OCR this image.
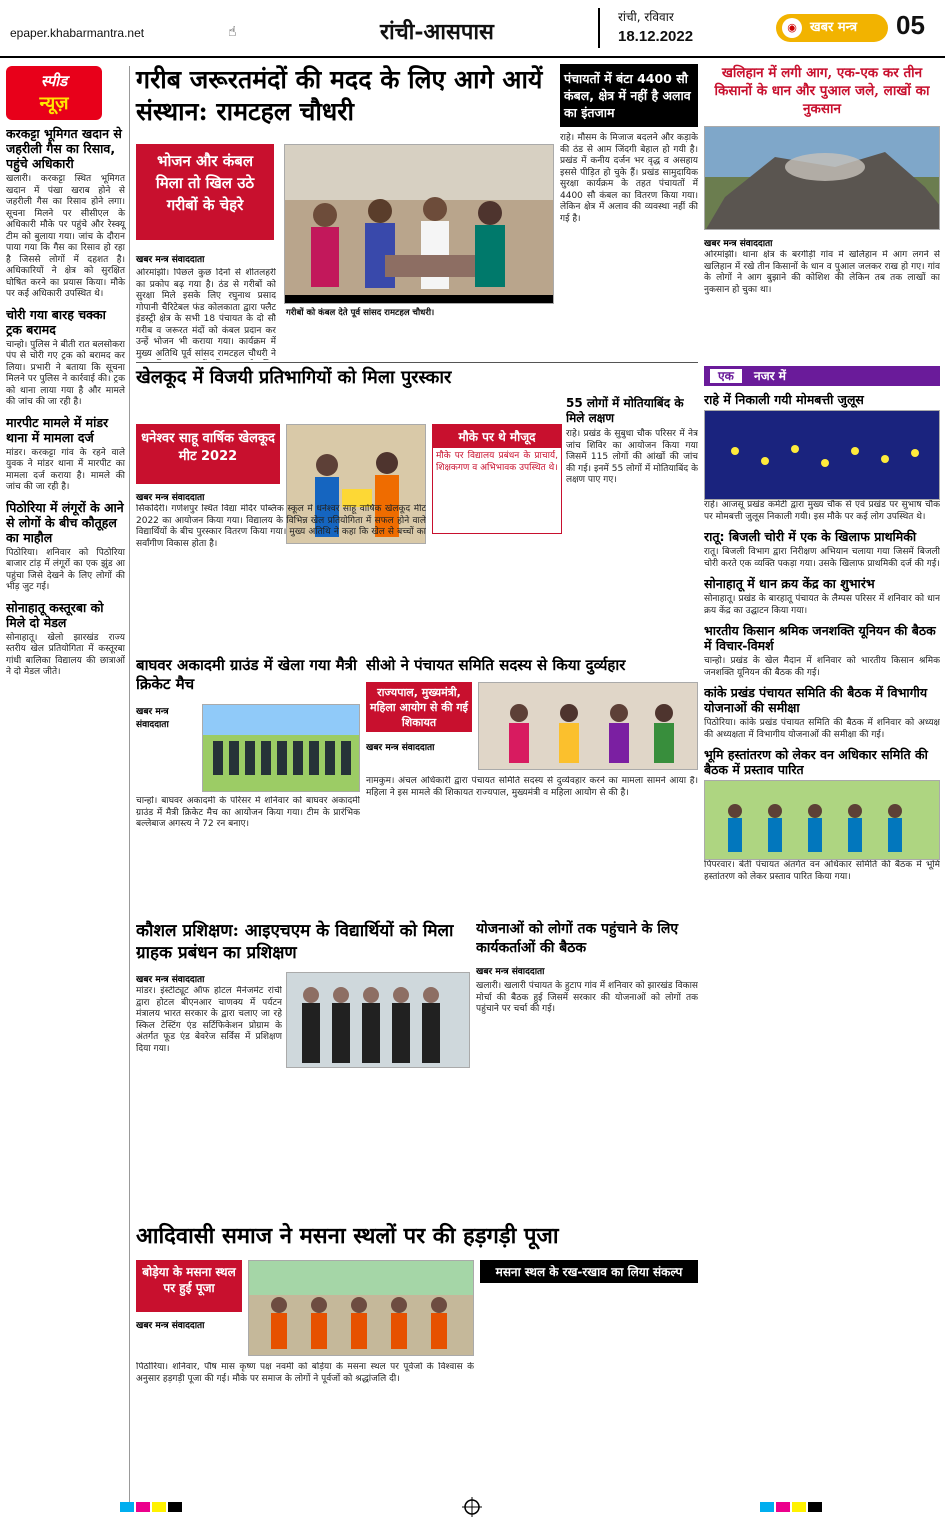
epaper.khabarmantra.net	☝	रांची-आसपास
रांची, रविवार
18.12.2022
◉	खबर मन्त्र	05
स्पीड
न्यूज़
करकट्टा भूमिगत खदान से जहरीली गैस का रिसाव, पहुंचे अधिकारी
खलारी। करकट्टा स्थित भूमिगत खदान में पंखा खराब होने से जहरीली गैस का रिसाव होने लगा। सूचना मिलने पर सीसीएल के अधिकारी मौके पर पहुंचे और रेस्क्यू टीम को बुलाया गया। जांच के दौरान पाया गया कि गैस का रिसाव हो रहा है जिससे लोगों में दहशत है। अधिकारियों ने क्षेत्र को सुरक्षित घोषित करने का प्रयास किया। मौके पर कई अधिकारी उपस्थित थे।
चोरी गया बारह चक्का ट्रक बरामद
चान्हो। पुलिस ने बीती रात बलसोकरा पंप से चोरी गए ट्रक को बरामद कर लिया। प्रभारी ने बताया कि सूचना मिलने पर पुलिस ने कार्रवाई की। ट्रक को थाना लाया गया है और मामले की जांच की जा रही है।
मारपीट मामले में मांडर थाना में मामला दर्ज
मांडर। करकट्टा गांव के रहने वाले युवक ने मांडर थाना में मारपीट का मामला दर्ज कराया है। मामले की जांच की जा रही है।
पिठोरिया में लंगूरों के आने से लोगों के बीच कौतूहल का माहौल
पिठोरिया। शनिवार को पिठोरिया बाजार टांड़ में लंगूरों का एक झुंड आ पहुंचा जिसे देखने के लिए लोगों की भीड़ जुट गई।
सोनाहातू कस्तूरबा को मिले दो मेडल
सोनाहातू। खेलो झारखंड राज्य स्तरीय खेल प्रतियोगिता में कस्तूरबा गांधी बालिका विद्यालय की छात्राओं ने दो मेडल जीते।
गरीब जरूरतमंदों की मदद के लिए आगे आयें संस्थान: रामटहल चौधरी
भोजन और कंबल मिला तो खिल उठे गरीबों के चेहरे
गरीबों को कंबल देते पूर्व सांसद रामटहल चौधरी।
खबर मन्त्र संवाददाता
ओरमांझी। पिछले कुछ दिनों से शीतलहरी का प्रकोप बढ़ गया है। ठंड से गरीबों को सुरक्षा मिले इसके लिए रघुनाथ प्रसाद गोपानी चैरिटेबल फंड कोलकाता द्वारा फ्लैट इंडस्ट्री क्षेत्र के सभी 18 पंचायत के दो सौ गरीब व जरूरत मंदों को कंबल प्रदान कर उन्हें भोजन भी कराया गया। कार्यक्रम में मुख्य अतिथि पूर्व सांसद रामटहल चौधरी ने
पंचायतों में बंटा 4400 सौ कंबल, क्षेत्र में नहीं है अलाव का इंतजाम
राहे। मौसम के मिजाज बदलने और कड़ाके की ठंड से आम जिंदगी बेहाल हो गयी है। प्रखंड में कनीय दर्जन भर वृद्ध व असहाय इससे पीड़ित हो चुके हैं। प्रखंड सामुदायिक सुरक्षा कार्यक्रम के तहत पंचायतों में 4400 सौ कंबल का वितरण किया गया। लेकिन क्षेत्र में अलाव की व्यवस्था नहीं की गई है।
खलिहान में लगी आग, एक-एक कर तीन किसानों के धान और पुआल जले, लाखों का नुकसान
खबर मन्त्र संवाददाता
ओरमांझी। थाना क्षेत्र के बरगीड़ी गांव में खलिहान में आग लगने से खलिहान में रखे तीन किसानों के धान व पुआल जलकर राख हो गए। गांव के लोगों ने आग बुझाने की कोशिश की लेकिन तब तक लाखों का नुकसान हो चुका था।
खेलकूद में विजयी प्रतिभागियों को मिला पुरस्कार
धनेश्वर साहू वार्षिक खेलकूद मीट 2022
खबर मन्त्र संवाददाता
सिकदिरी। गणेशपुर स्थित विद्या मंदिर पब्लिक स्कूल में धनेश्वर साहू वार्षिक खेलकूद मीट 2022 का आयोजन किया गया। विद्यालय के विभिन्न खेल प्रतियोगिता में सफल होने वाले विद्यार्थियों के बीच पुरस्कार वितरण किया गया। मुख्य अतिथि ने कहा कि खेल से बच्चों का सर्वांगीण विकास होता है।
मौके पर थे मौजूद
मौके पर विद्यालय प्रबंधन के प्राचार्य, शिक्षकगण व अभिभावक उपस्थित थे।
55 लोगों में मोतियाबिंद के मिले लक्षण
राहे। प्रखंड के सुबुधा चौक परिसर में नेत्र जांच शिविर का आयोजन किया गया जिसमें 115 लोगों की आंखों की जांच की गई। इनमें 55 लोगों में मोतियाबिंद के लक्षण पाए गए।
बाघवर अकादमी ग्राउंड में खेला गया मैत्री क्रिकेट मैच
खबर मन्त्र संवाददाता
चान्हो। बाघवर अकादमी के परिसर में शनिवार को बाघवर अकादमी ग्राउंड में मैत्री क्रिकेट मैच का आयोजन किया गया। टीम के प्रारंभिक बल्लेबाज अगस्त्य ने 72 रन बनाए।
सीओ ने पंचायत समिति सदस्य से किया दुर्व्यहार
राज्यपाल, मुख्यमंत्री, महिला आयोग से की गई शिकायत
खबर मन्त्र संवाददाता
नामकुम। अंचल अधिकारी द्वारा पंचायत समिति सदस्य से दुर्व्यवहार करने का मामला सामने आया है। महिला ने इस मामले की शिकायत राज्यपाल, मुख्यमंत्री व महिला आयोग से की है।
कौशल प्रशिक्षण: आइएचएम के विद्यार्थियों को मिला ग्राहक प्रबंधन का प्रशिक्षण
खबर मन्त्र संवाददाता
मांडर। इंस्टीट्यूट ऑफ होटल मैनेजमेंट रांची द्वारा होटल बीएनआर चाणक्य में पर्यटन मंत्रालय भारत सरकार के द्वारा चलाए जा रहे स्किल टेस्टिंग एंड सर्टिफिकेशन प्रोग्राम के अंतर्गत फूड एंड बेवरेज सर्विस में प्रशिक्षण दिया गया।
योजनाओं को लोगों तक पहुंचाने के लिए कार्यकर्ताओं की बैठक
खबर मन्त्र संवाददाता
खलारी। खलारी पंचायत के हुटाप गांव में शनिवार को झारखंड विकास मोर्चा की बैठक हुई जिसमें सरकार की योजनाओं को लोगों तक पहुंचाने पर चर्चा की गई।
आदिवासी समाज ने मसना स्थलों पर की हड़गड़ी पूजा
बोड़ेया के मसना स्थल पर हुई पूजा
खबर मन्त्र संवाददाता
पिठोरिया। शनिवार, पौष मास कृष्ण पक्ष नवमी को बोड़ेया के मसना स्थल पर पूर्वजों के विश्वास के अनुसार हड़गड़ी पूजा की गई। मौके पर समाज के लोगों ने पूर्वजों को श्रद्धांजलि दी।
मसना स्थल के रख-रखाव का लिया संकल्प
एक नजर में
राहे में निकाली गयी मोमबत्ती जुलूस
राहे। आजसू प्रखंड कमेटी द्वारा मुख्य चौक से एवं प्रखंड पर सुभाष चौक पर मोमबत्ती जुलूस निकाली गयी। इस मौके पर कई लोग उपस्थित थे।
रातू: बिजली चोरी में एक के खिलाफ प्राथमिकी
रातू। बिजली विभाग द्वारा निरीक्षण अभियान चलाया गया जिसमें बिजली चोरी करते एक व्यक्ति पकड़ा गया। उसके खिलाफ प्राथमिकी दर्ज की गई।
सोनाहातू में धान क्रय केंद्र का शुभारंभ
सोनाहातू। प्रखंड के बारहातू पंचायत के लैम्पस परिसर में शनिवार को धान क्रय केंद्र का उद्घाटन किया गया।
भारतीय किसान श्रमिक जनशक्ति यूनियन की बैठक में विचार-विमर्श
चान्हो। प्रखंड के खेल मैदान में शनिवार को भारतीय किसान श्रमिक जनशक्ति यूनियन की बैठक की गई।
कांके प्रखंड पंचायत समिति की बैठक में विभागीय योजनाओं की समीक्षा
पिठोरिया। कांके प्रखंड पंचायत समिति की बैठक में शनिवार को अध्यक्ष की अध्यक्षता में विभागीय योजनाओं की समीक्षा की गई।
भूमि हस्तांतरण को लेकर वन अधिकार समिति की बैठक में प्रस्ताव पारित
पिपरवार। बेंती पंचायत अंतर्गत वन अधिकार समिति की बैठक में भूमि हस्तांतरण को लेकर प्रस्ताव पारित किया गया।
